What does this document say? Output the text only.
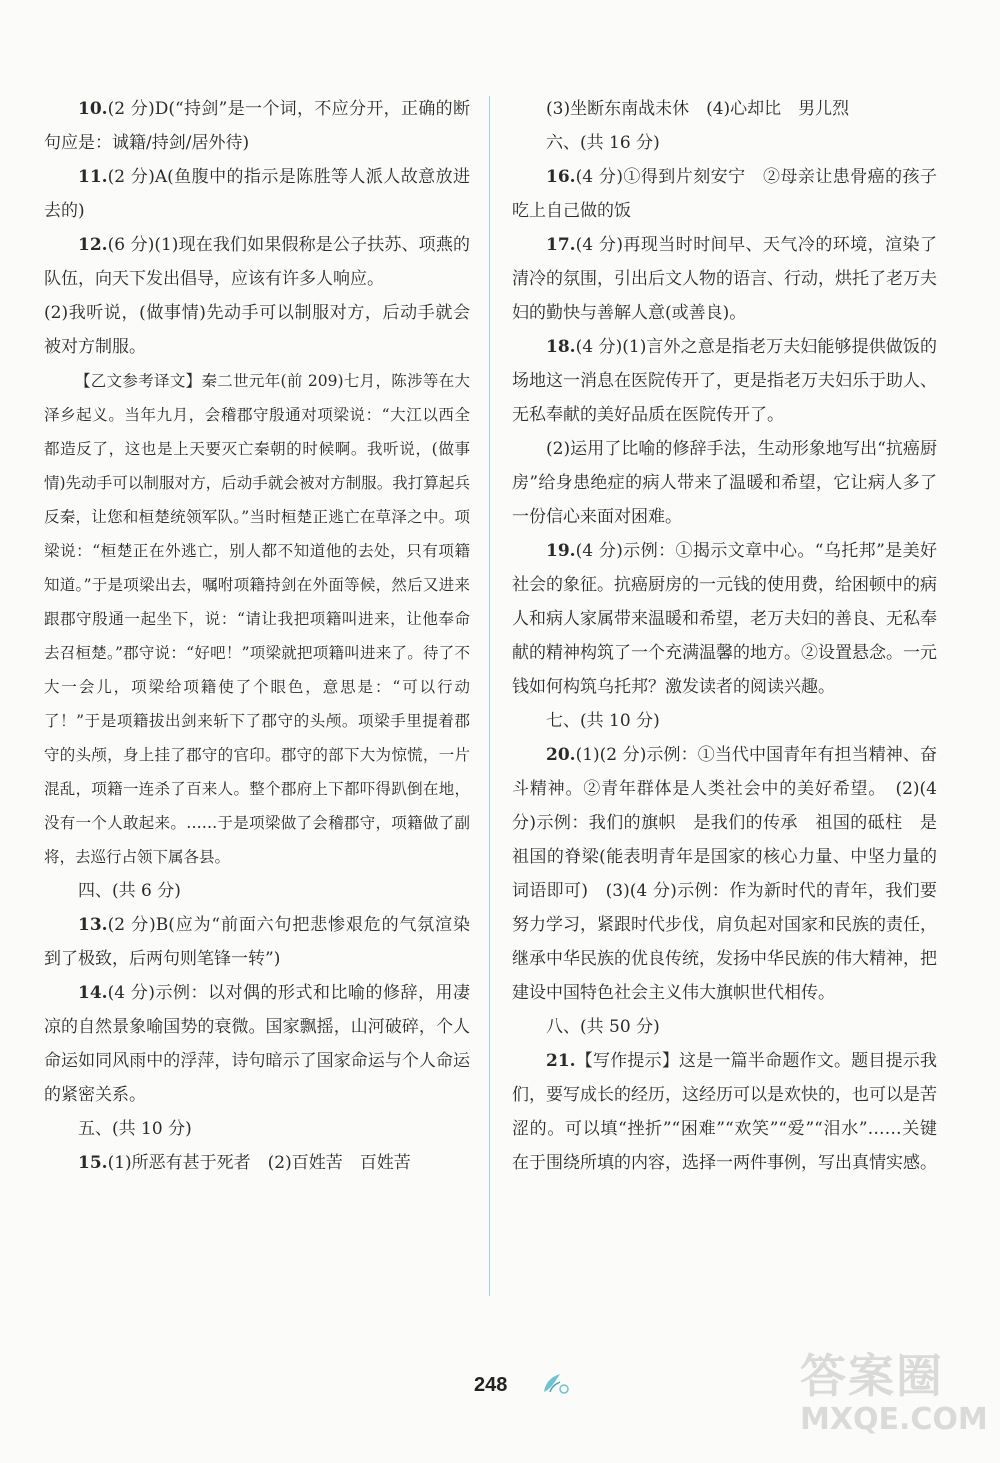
10.(2 分)D(“持剑”是一个词，不应分开，正确的断句应是：诚籍/持剑/居外待)

11.(2 分)A(鱼腹中的指示是陈胜等人派人故意放进去的)

12.(6 分)(1)现在我们如果假称是公子扶苏、项燕的队伍，向天下发出倡导，应该有许多人响应。

(2)我听说，(做事情)先动手可以制服对方，后动手就会被对方制服。

【乙文参考译文】秦二世元年(前 209)七月，陈涉等在大泽乡起义。当年九月，会稽郡守殷通对项梁说：“大江以西全都造反了，这也是上天要灭亡秦朝的时候啊。我听说，(做事情)先动手可以制服对方，后动手就会被对方制服。我打算起兵反秦，让您和桓楚统领军队。”当时桓楚正逃亡在草泽之中。项梁说：“桓楚正在外逃亡，别人都不知道他的去处，只有项籍知道。”于是项梁出去，嘱咐项籍持剑在外面等候，然后又进来跟郡守殷通一起坐下，说：“请让我把项籍叫进来，让他奉命去召桓楚。”郡守说：“好吧！”项梁就把项籍叫进来了。待了不大一会儿，项梁给项籍使了个眼色，意思是：“可以行动了！”于是项籍拔出剑来斩下了郡守的头颅。项梁手里提着郡守的头颅，身上挂了郡守的官印。郡守的部下大为惊慌，一片混乱，项籍一连杀了百来人。整个郡府上下都吓得趴倒在地，没有一个人敢起来。……于是项梁做了会稽郡守，项籍做了副将，去巡行占领下属各县。

四、(共 6 分)

13.(2 分)B(应为“前面六句把悲惨艰危的气氛渲染到了极致，后两句则笔锋一转”)

14.(4 分)示例：以对偶的形式和比喻的修辞，用凄凉的自然景象喻国势的衰微。国家飘摇，山河破碎，个人命运如同风雨中的浮萍，诗句暗示了国家命运与个人命运的紧密关系。

五、(共 10 分)

15.(1)所恶有甚于死者　(2)百姓苦　百姓苦

(3)坐断东南战未休　(4)心却比　男儿烈

六、(共 16 分)

16.(4 分)①得到片刻安宁　②母亲让患骨癌的孩子吃上自己做的饭

17.(4 分)再现当时时间早、天气冷的环境，渲染了清冷的氛围，引出后文人物的语言、行动，烘托了老万夫妇的勤快与善解人意(或善良)。

18.(4 分)(1)言外之意是指老万夫妇能够提供做饭的场地这一消息在医院传开了，更是指老万夫妇乐于助人、无私奉献的美好品质在医院传开了。

(2)运用了比喻的修辞手法，生动形象地写出“抗癌厨房”给身患绝症的病人带来了温暖和希望，它让病人多了一份信心来面对困难。

19.(4 分)示例：①揭示文章中心。“乌托邦”是美好社会的象征。抗癌厨房的一元钱的使用费，给困顿中的病人和病人家属带来温暖和希望，老万夫妇的善良、无私奉献的精神构筑了一个充满温馨的地方。②设置悬念。一元钱如何构筑乌托邦？激发读者的阅读兴趣。

七、(共 10 分)

20.(1)(2 分)示例：①当代中国青年有担当精神、奋斗精神。②青年群体是人类社会中的美好希望。　(2)(4 分)示例：我们的旗帜　是我们的传承　祖国的砥柱　是祖国的脊梁(能表明青年是国家的核心力量、中坚力量的词语即可)　(3)(4 分)示例：作为新时代的青年，我们要努力学习，紧跟时代步伐，肩负起对国家和民族的责任，继承中华民族的优良传统，发扬中华民族的伟大精神，把建设中国特色社会主义伟大旗帜世代相传。

八、(共 50 分)

21.【写作提示】这是一篇半命题作文。题目提示我们，要写成长的经历，这经历可以是欢快的，也可以是苦涩的。可以填“挫折”“困难”“欢笑”“爱”“泪水”……关键在于围绕所填的内容，选择一两件事例，写出真情实感。

248	答案圈
MXQE.COM
